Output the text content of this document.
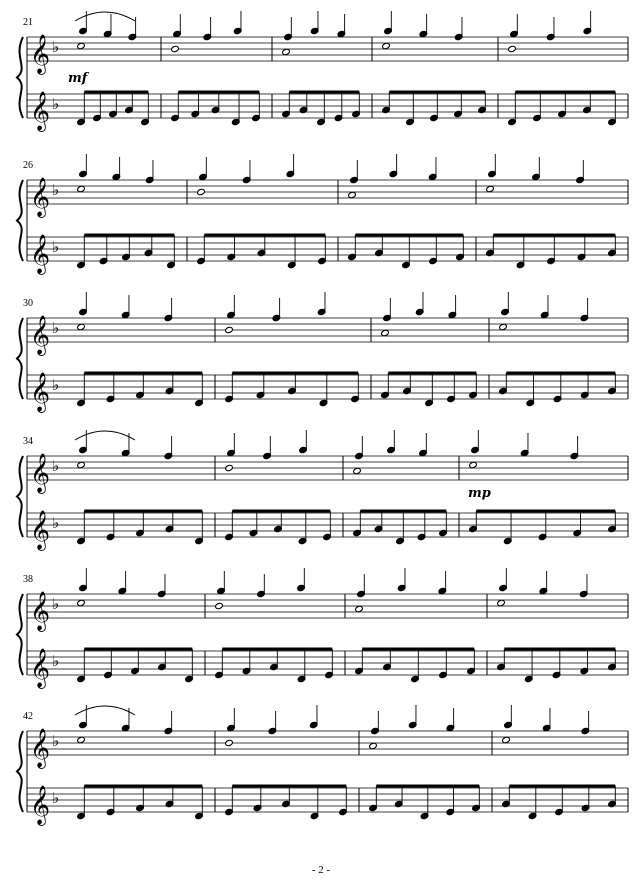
𝄞 ♭
𝄞 ♭
21
mf
𝄞 ♭
𝄞 ♭
26
𝄞 ♭
𝄞 ♭
30
𝄞 ♭
𝄞 ♭
34
mp
𝄞 ♭
𝄞 ♭
38
𝄞 ♭
𝄞 ♭
42
- 2 -
